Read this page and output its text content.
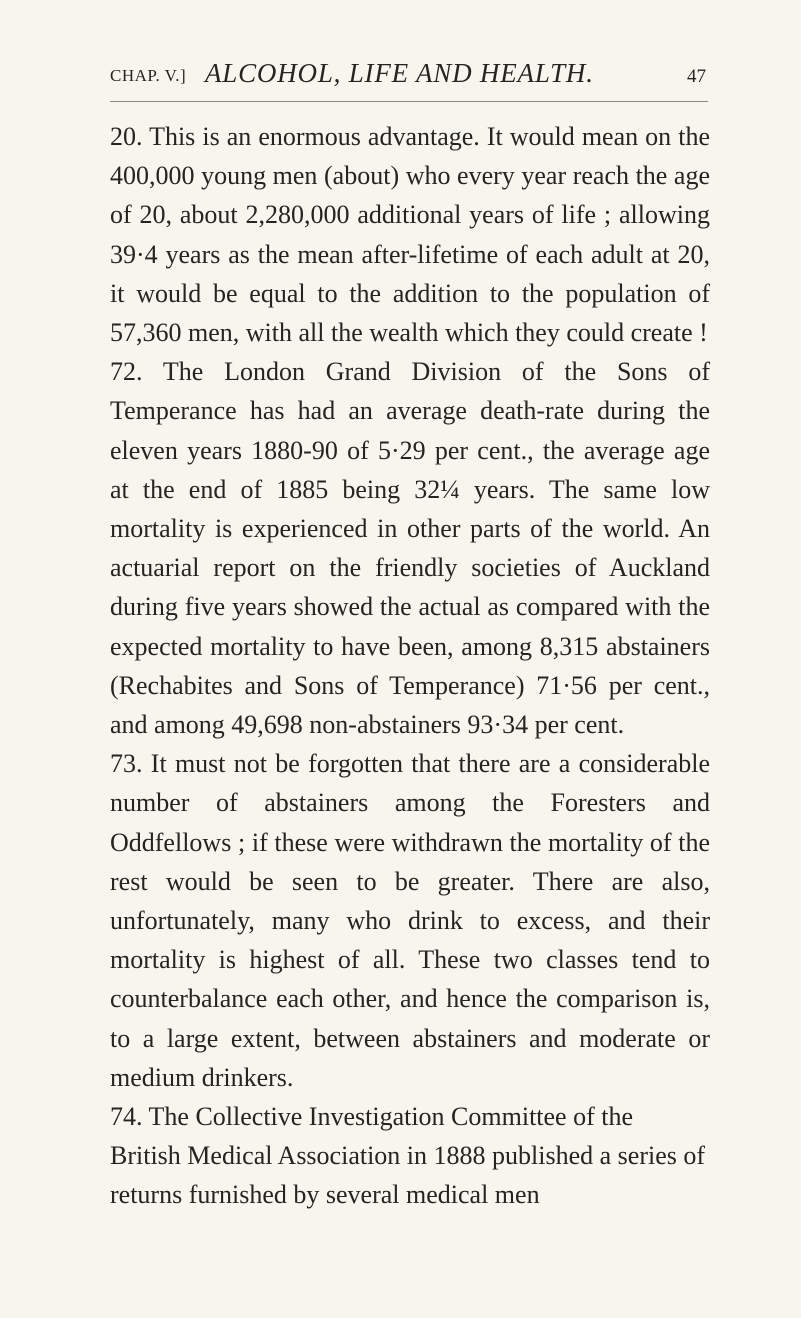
CHAP. V.] ALCOHOL, LIFE AND HEALTH.	47

20. This is an enormous advantage. It would mean on the 400,000 young men (about) who every year reach the age of 20, about 2,280,000 additional years of life ; allowing 39·4 years as the mean after-lifetime of each adult at 20, it would be equal to the addition to the population of 57,360 men, with all the wealth which they could create !

72. The London Grand Division of the Sons of Temperance has had an average death-rate during the eleven years 1880-90 of 5·29 per cent., the average age at the end of 1885 being 32¼ years. The same low mortality is experienced in other parts of the world. An actuarial report on the friendly societies of Auckland during five years showed the actual as compared with the expected mortality to have been, among 8,315 abstainers (Rechabites and Sons of Temperance) 71·56 per cent., and among 49,698 non-abstainers 93·34 per cent.

73. It must not be forgotten that there are a considerable number of abstainers among the Foresters and Oddfellows ; if these were withdrawn the mortality of the rest would be seen to be greater. There are also, unfortunately, many who drink to excess, and their mortality is highest of all. These two classes tend to counterbalance each other, and hence the comparison is, to a large extent, between abstainers and moderate or medium drinkers.

74. The Collective Investigation Committee of the British Medical Association in 1888 published a series of returns furnished by several medical men
